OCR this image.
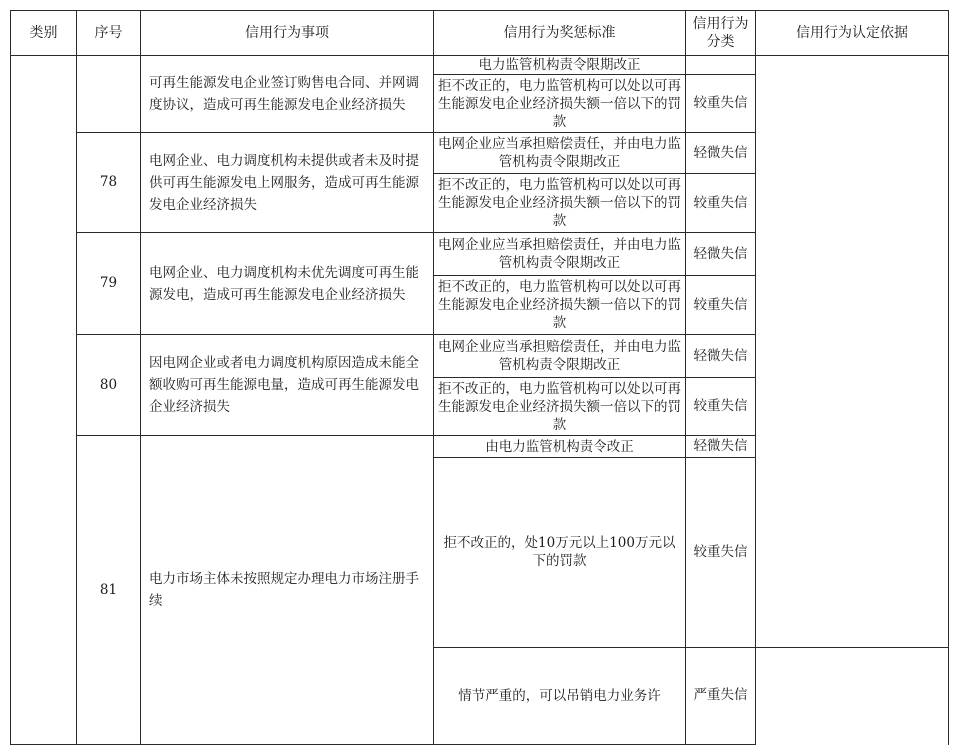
类别	序号	信用行为事项	信用行为奖惩标准	信用行为分类	信用行为认定依据	
		可再生能源发电企业签订购售电合同、并网调度协议，造成可再生能源发电企业经济损失	电力监管机构责令限期改正			
			拒不改正的，电力监管机构可以处以可再生能源发电企业经济损失额一倍以下的罚款	较重失信		
	78	电网企业、电力调度机构未提供或者未及时提供可再生能源发电上网服务，造成可再生能源发电企业经济损失	电网企业应当承担赔偿责任，并由电力监管机构责令限期改正	轻微失信		
			拒不改正的，电力监管机构可以处以可再生能源发电企业经济损失额一倍以下的罚款	较重失信		
	79	电网企业、电力调度机构未优先调度可再生能源发电，造成可再生能源发电企业经济损失	电网企业应当承担赔偿责任，并由电力监管机构责令限期改正	轻微失信		
			拒不改正的，电力监管机构可以处以可再生能源发电企业经济损失额一倍以下的罚款	较重失信		
	80	因电网企业或者电力调度机构原因造成未能全额收购可再生能源电量，造成可再生能源发电企业经济损失	电网企业应当承担赔偿责任，并由电力监管机构责令限期改正	轻微失信		
			拒不改正的，电力监管机构可以处以可再生能源发电企业经济损失额一倍以下的罚款	较重失信		
	81	电力市场主体未按照规定办理电力市场注册手续	由电力监管机构责令改正	轻微失信		
			拒不改正的，处10万元以上100万元以下的罚款	较重失信	
			情节严重的，可以吊销电力业务许	严重失信		
